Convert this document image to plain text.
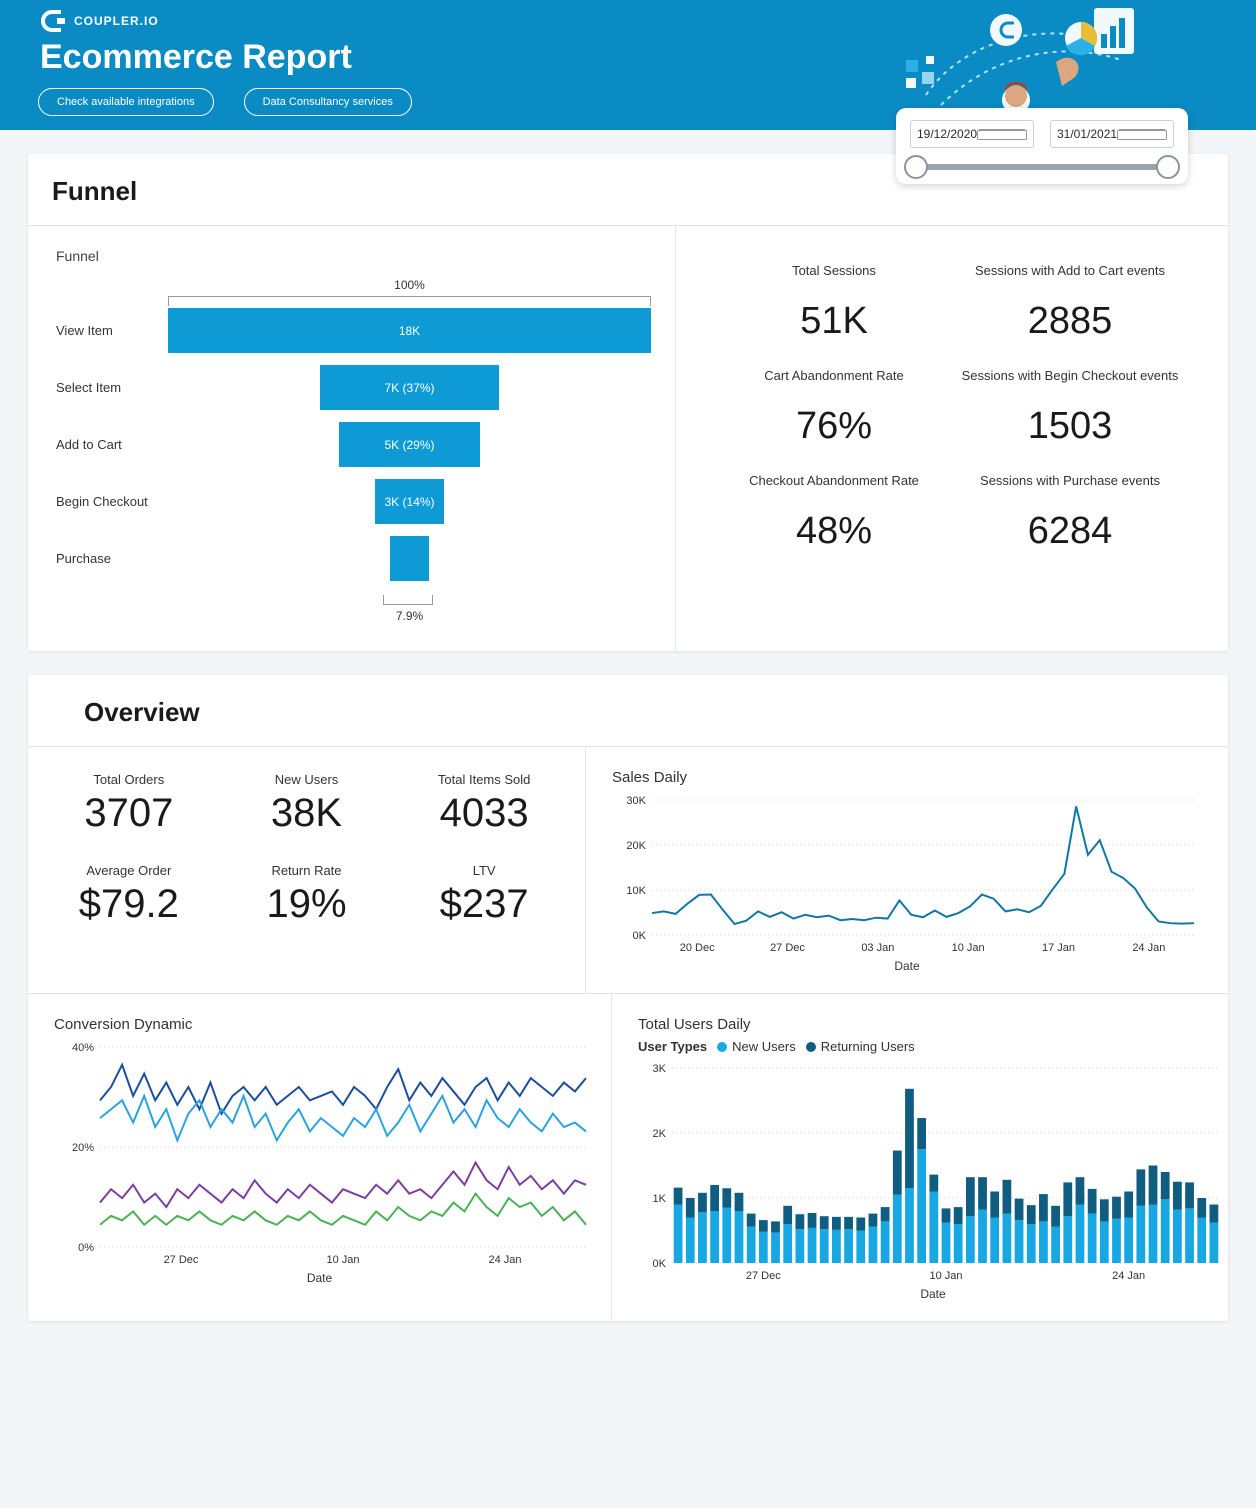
COUPLER.IO
Ecommerce Report
Check available integrations	Data Consultancy services
19/12/2020	31/01/2021
Funnel
Funnel
100%
View Item	18K
Select Item	7K (37%)
Add to Cart	5K (29%)
Begin Checkout	3K (14%)
Purchase
7.9%
Total Sessions
51K
Sessions with Add to Cart events
2885
Cart Abandonment Rate
76%
Sessions with Begin Checkout events
1503
Checkout Abandonment Rate
48%
Sessions with Purchase events
6284
Overview
Total Orders
3707
New Users
38K
Total Items Sold
4033
Average Order
$79.2
Return Rate
19%
LTV
$237
Sales Daily
0K
10K
20K
30K
20 Dec	27 Dec	03 Jan	10 Jan	17 Jan	24 Jan
Date
Conversion Dynamic
0%
20%
40%
27 Dec	10 Jan	24 Jan
Date
Total Users Daily
User Types New Users Returning Users
0K
1K
2K
3K
27 Dec	10 Jan	24 Jan
Date
